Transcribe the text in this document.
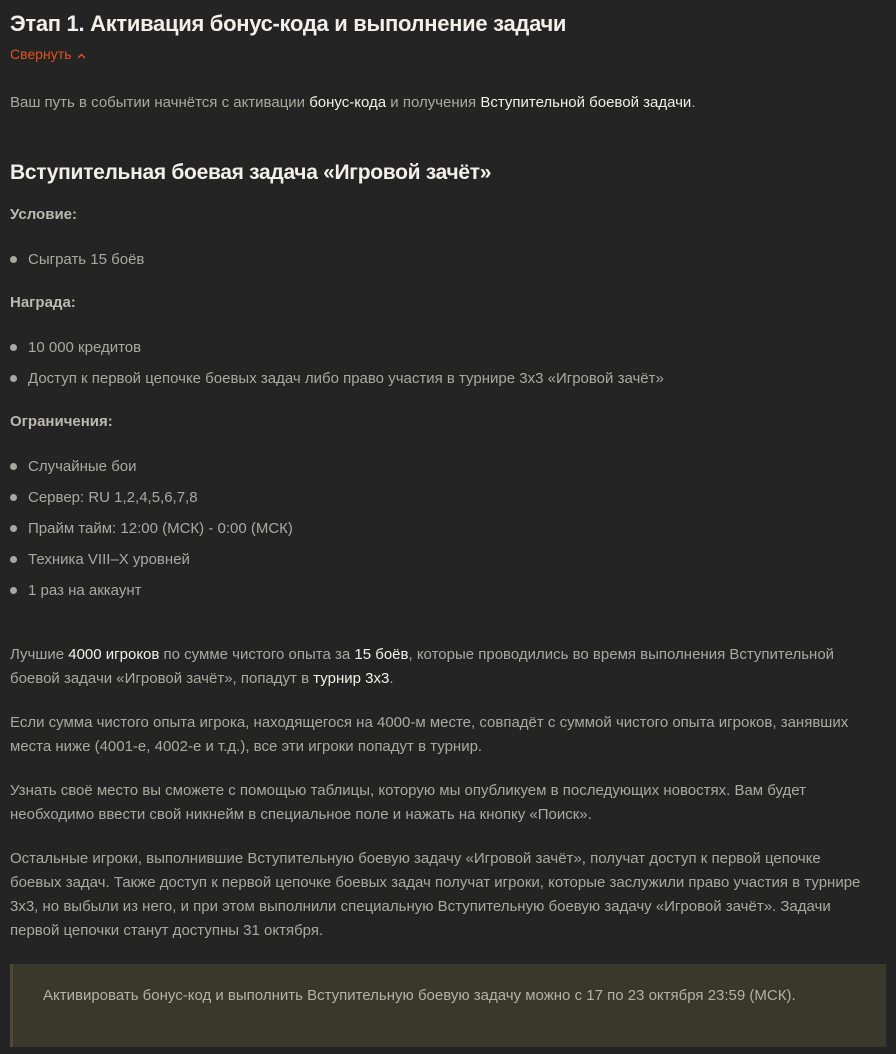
Этап 1. Активация бонус-кода и выполнение задачи
Свернуть
Ваш путь в событии начнётся с активации бонус-кода и получения Вступительной боевой задачи.
Вступительная боевая задача «Игровой зачёт»
Условие:
Сыграть 15 боёв
Награда:
10 000 кредитов
Доступ к первой цепочке боевых задач либо право участия в турнире 3х3 «Игровой зачёт»
Ограничения:
Случайные бои
Сервер: RU 1,2,4,5,6,7,8
Прайм тайм: 12:00 (МСК) - 0:00 (МСК)
Техника VIII–X уровней
1 раз на аккаунт

Лучшие 4000 игроков по сумме чистого опыта за 15 боёв, которые проводились во время выполнения Вступительной боевой задачи «Игровой зачёт», попадут в турнир 3х3.

Если сумма чистого опыта игрока, находящегося на 4000-м месте, совпадёт с суммой чистого опыта игроков, занявших места ниже (4001-е, 4002-е и т.д.), все эти игроки попадут в турнир.

Узнать своё место вы сможете с помощью таблицы, которую мы опубликуем в последующих новостях. Вам будет необходимо ввести свой никнейм в специальное поле и нажать на кнопку «Поиск».

Остальные игроки, выполнившие Вступительную боевую задачу «Игровой зачёт», получат доступ к первой цепочке боевых задач. Также доступ к первой цепочке боевых задач получат игроки, которые заслужили право участия в турнире 3х3, но выбыли из него, и при этом выполнили специальную Вступительную боевую задачу «Игровой зачёт». Задачи первой цепочки станут доступны 31 октября.

Активировать бонус-код и выполнить Вступительную боевую задачу можно с 17 по 23 октября 23:59 (МСК).
